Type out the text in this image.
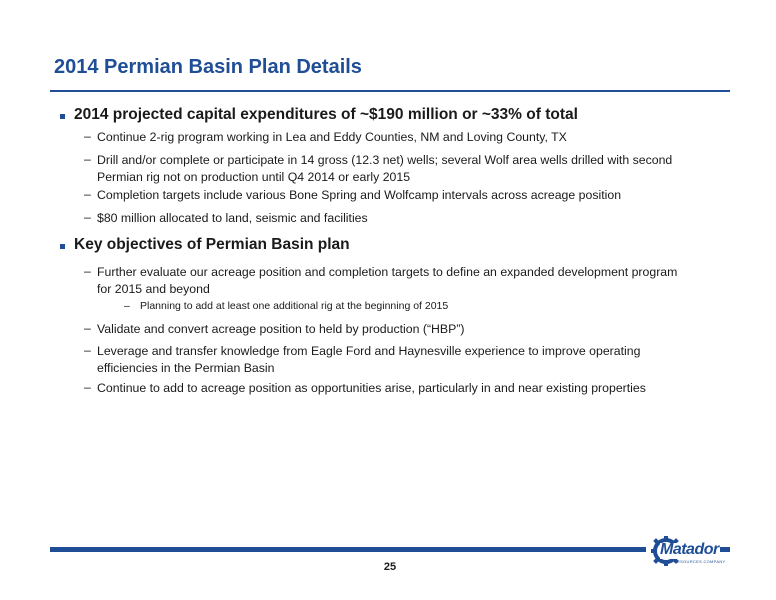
2014 Permian Basin Plan Details
2014 projected capital expenditures of ~$190 million or ~33% of total
– Continue 2-rig program working in Lea and Eddy Counties, NM and Loving County, TX
– Drill and/or complete or participate in 14 gross (12.3 net) wells; several Wolf area wells drilled with second
Permian rig not on production until Q4 2014 or early 2015
– Completion targets include various Bone Spring and Wolfcamp intervals across acreage position
– $80 million allocated to land, seismic and facilities
Key objectives of Permian Basin plan
– Further evaluate our acreage position and completion targets to define an expanded development program
for 2015 and beyond
– Planning to add at least one additional rig at the beginning of 2015
– Validate and convert acreage position to held by production (“HBP”)
– Leverage and transfer knowledge from Eagle Ford and Haynesville experience to improve operating
efficiencies in the Permian Basin
– Continue to add to acreage position as opportunities arise, particularly in and near existing properties
25
Matador
RESOURCES COMPANY
